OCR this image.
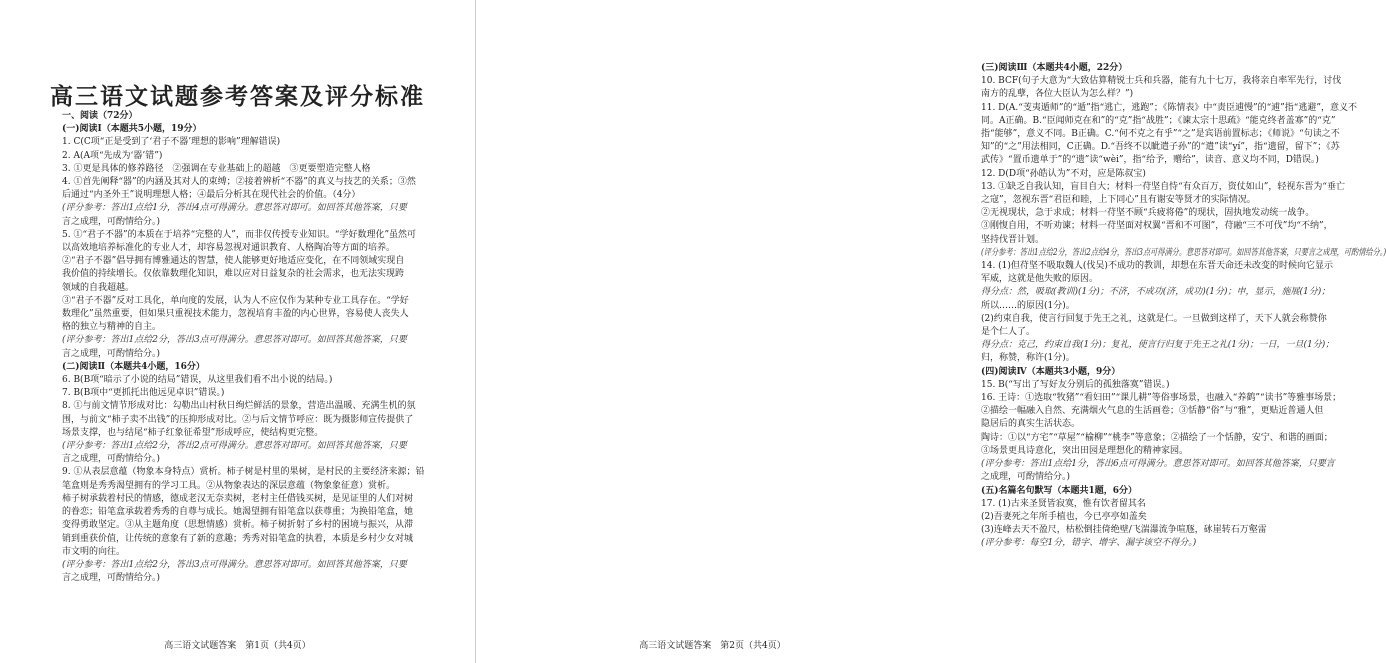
高三语文试题参考答案及评分标准
一、阅读（72分）
(一)阅读Ⅰ（本题共5小题，19分）
1. C(C项“正是受到了‘君子不器’理想的影响”理解错误)
2. A(A项“先成为‘器’错”)
3. ①更是具体的修养路径　②强调在专业基础上的超越　③更要塑造完整人格
4. ①首先阐释“器”的内涵及其对人的束缚；②接着辨析“不器”的真义与技艺的关系；③然
后通过“内圣外王”说明理想人格；④最后分析其在现代社会的价值。（4分）
(评分参考：答出1点给1分，答出4点可得满分。意思答对即可。如回答其他答案，只要
言之成理，可酌情给分。)
5. ①“君子不器”的本质在于培养“完整的人”，而非仅传授专业知识。“学好数理化”虽然可
以高效地培养标准化的专业人才，却容易忽视对通识教育、人格陶冶等方面的培养。
②“君子不器”倡导拥有博雅通达的智慧，使人能够更好地适应变化，在不同领域实现自
我价值的持续增长。仅依靠数理化知识，难以应对日益复杂的社会需求，也无法实现跨
领域的自我超越。
③“君子不器”反对工具化，单向度的发展，认为人不应仅作为某种专业工具存在。“学好
数理化”虽然重要，但如果只重视技术能力，忽视培育丰盈的内心世界，容易使人丧失人
格的独立与精神的自主。
(评分参考：答出1点给2分，答出3点可得满分。意思答对即可。如回答其他答案，只要
言之成理，可酌情给分。)
(二)阅读Ⅱ（本题共4小题，16分）
6. B(B项“暗示了小说的结局”错误，从这里我们看不出小说的结局。)
7. B(B项中“更抓托出他远见卓识”错误。)
8. ①与前文情节形成对比：勾勒出山村秋日绚烂鲜活的景象，营造出温暖、充满生机的氛
围，与前文“柿子卖不出钱”的压抑形成对比。②与后文情节呼应：既为摄影师宣传提供了
场景支撑，也与结尾“柿子红象征希望”形成呼应，使结构更完整。
(评分参考：答出1点给2分，答出2点可得满分。意思答对即可。如回答其他答案，只要
言之成理，可酌情给分。)
9. ①从表层意蕴（物象本身特点）赏析。柿子树是村里的果树，是村民的主要经济来源；铅
笔盒则是秀秀渴望拥有的学习工具。②从物象表达的深层意蕴（物象象征意）赏析。
柿子树承载着村民的情感，德成老汉无奈卖树，老村主任借钱买树，是见证里的人们对树
的眷恋；铅笔盒承载着秀秀的自尊与成长。她渴望拥有铅笔盒以获尊重；为换铅笔盒，她
变得勇敢坚定。③从主题角度（思想情感）赏析。柿子树折射了乡村的困境与振兴，从滞
销到重获价值，让传统的意象有了新的意趣；秀秀对铅笔盒的执着，本质是乡村少女对城
市文明的向往。
(评分参考：答出1点给2分，答出3点可得满分。意思答对即可。如回答其他答案，只要
言之成理，可酌情给分。)
高三语文试题答案　第1页（共4页）
(三)阅读Ⅲ（本题共4小题，22分）
10. BCF(句子大意为“大致估算精锐士兵和兵器，能有九十七万，我将亲自率军先行，讨伐
南方的乱孽，各位大臣认为怎么样？”)
11. D(A.“芰夷遁师”的“遁”指“逃亡，逃跑”；《陈情表》中“责臣逋慢”的“逋”指“逃避”，意义不
同。A正确。B.“臣闻师克在和”的“克”指“战胜”；《谏太宗十思疏》“能克终者盖寡”的“克”
指“能够”，意义不同。B正确。C.“何不克之有乎”“之”是宾语前置标志；《师说》“句读之不
知”的“之”用法相同，C正确。D.“吾终不以眦遣子孙”的“遣”读“yí”，指“遗留，留下”；《苏
武传》“置币遗单于”的“遗”读“wèi”，指“给予，赠给”，读音、意义均不同，D错误。)
12. D(D项“孙皓认为”不对，应是陈叔宝)
13. ①缺乏自我认知，盲目自大；材料一苻坚自恃“有众百万，资仗如山”，轻视东晋为“垂亡
之寇”，忽视东晋“君臣和睦，上下同心”且有谢安等贤才的实际情况。
②无视现状，急于求成；材料一苻坚不顾“兵疲将倦”的现状，固执地发动统一战争。
③刚愎自用，不听劝谏；材料一苻坚面对权翼“晋和不可图”，苻融“三不可伐”均“不纳”，
坚持伐晋计划。
(评分参考：答出1点给2分，答出2点给4分，答出3点可得满分。意思答对即可。如回答其他答案，只要言之成理，可酌情给分。)
14. (1)但苻坚不吸取魏人(伐吴)不成功的教训，却想在东晋天命还未改变的时候向它显示
军威，这就是他失败的原因。
得分点：然，吸取(教训)(1分)；不济，不成功(济，成功)(1分)；申，显示，施展(1分)；
所以……的原因(1分)。
(2)约束自我，使言行回复于先王之礼，这就是仁。一旦做到这样了，天下人就会称赞你
是个仁人了。
得分点：克己，约束自我(1分)；复礼，使言行归复于先王之礼(1分)；一日，一旦(1分)；
归，称赞，称许(1分)。
(四)阅读Ⅳ（本题共3小题，9分）
15. B(“写出了写好友分别后的孤独落寞”错误。)
16. 王诗：①选取“牧猪”“看妇田”“课儿耕”等俗事场景，也融入“养鹤”“读书”等雅事场景；
②描绘一幅融入自然、充满烟火气息的生活画卷；③恬静“俗”与“雅”，更贴近普通人但
隐居后的真实生活状态。
陶诗：①以“方宅”“草屋”“榆柳”“桃李”等意象；②描绘了一个恬静，安宁、和谐的画面；
③场景更具诗意化，突出田园是理想化的精神家园。
(评分参考：答出1点给1分，答出6点可得满分。意思答对即可。如回答其他答案，只要言
之成理，可酌情给分。)
(五)名篇名句默写（本题共1题，6分）
17. (1)古来圣贤皆寂寞，惟有饮者留其名
(2)吾妻死之年所手植也，今已亭亭如盖矣
(3)连峰去天不盈尺，枯松倒挂倚绝壁/飞湍瀑流争喧豗，砯崖转石万壑雷
(评分参考：每空1分，错字、增字、漏字该空不得分。)
高三语文试题答案　第2页（共4页）
